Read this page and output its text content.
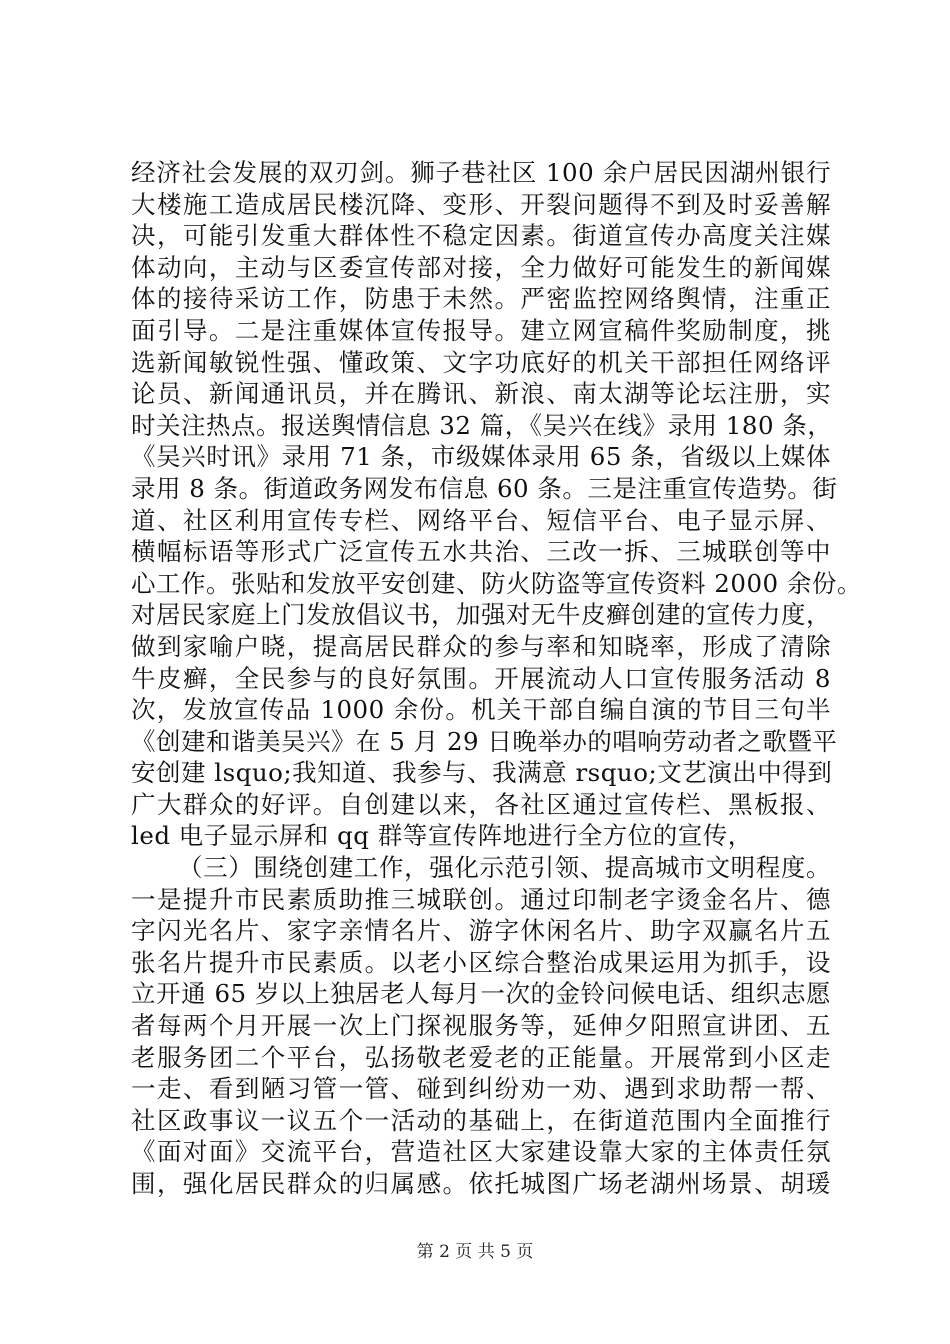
经济社会发展的双刃剑。狮子巷社区 100 余户居民因湖州银行
大楼施工造成居民楼沉降、变形、开裂问题得不到及时妥善解
决，可能引发重大群体性不稳定因素。街道宣传办高度关注媒
体动向，主动与区委宣传部对接，全力做好可能发生的新闻媒
体的接待采访工作，防患于未然。严密监控网络舆情，注重正
面引导。二是注重媒体宣传报导。建立网宣稿件奖励制度，挑
选新闻敏锐性强、懂政策、文字功底好的机关干部担任网络评
论员、新闻通讯员，并在腾讯、新浪、南太湖等论坛注册，实
时关注热点。报送舆情信息 32 篇，《吴兴在线》录用 180 条，
《吴兴时讯》录用 71 条，市级媒体录用 65 条，省级以上媒体
录用 8 条。街道政务网发布信息 60 条。三是注重宣传造势。街
道、社区利用宣传专栏、网络平台、短信平台、电子显示屏、
横幅标语等形式广泛宣传五水共治、三改一拆、三城联创等中
心工作。张贴和发放平安创建、防火防盗等宣传资料 2000 余份。
对居民家庭上门发放倡议书，加强对无牛皮癣创建的宣传力度，
做到家喻户晓，提高居民群众的参与率和知晓率，形成了清除
牛皮癣，全民参与的良好氛围。开展流动人口宣传服务活动 8
次，发放宣传品 1000 余份。机关干部自编自演的节目三句半
《创建和谐美吴兴》在 5 月 29 日晚举办的唱响劳动者之歌暨平
安创建 lsquo;我知道、我参与、我满意 rsquo;文艺演出中得到
广大群众的好评。自创建以来，各社区通过宣传栏、黑板报、
led 电子显示屏和 qq 群等宣传阵地进行全方位的宣传，
（三）围绕创建工作，强化示范引领、提高城市文明程度。
一是提升市民素质助推三城联创。通过印制老字烫金名片、德
字闪光名片、家字亲情名片、游字休闲名片、助字双赢名片五
张名片提升市民素质。以老小区综合整治成果运用为抓手，设
立开通 65 岁以上独居老人每月一次的金铃问候电话、组织志愿
者每两个月开展一次上门探视服务等，延伸夕阳照宣讲团、五
老服务团二个平台，弘扬敬老爱老的正能量。开展常到小区走
一走、看到陋习管一管、碰到纠纷劝一劝、遇到求助帮一帮、
社区政事议一议五个一活动的基础上，在街道范围内全面推行
《面对面》交流平台，营造社区大家建设靠大家的主体责任氛
围，强化居民群众的归属感。依托城图广场老湖州场景、胡瑗
第 2 页 共 5 页
